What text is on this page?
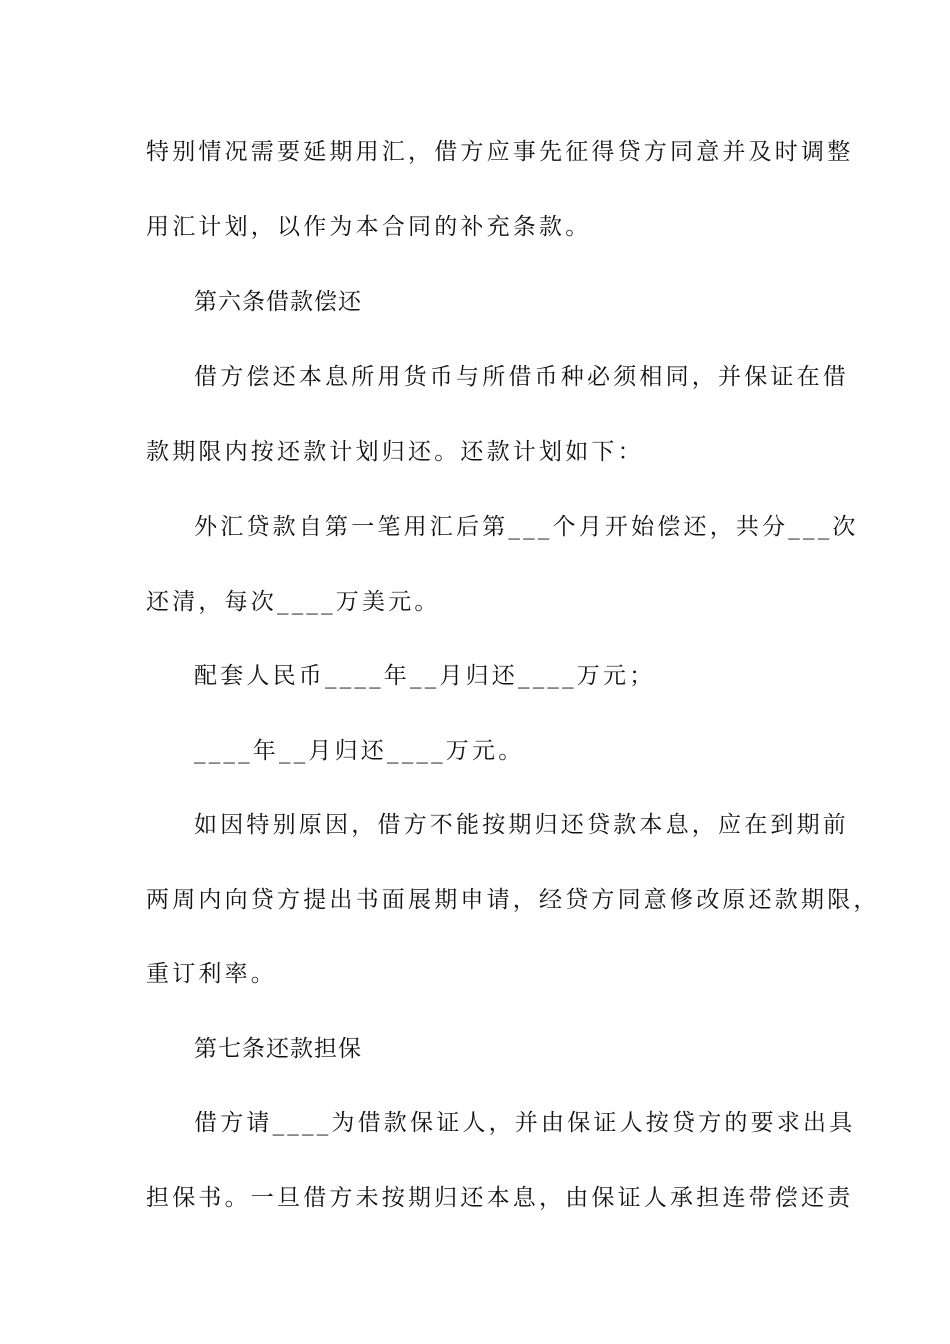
特别情况需要延期用汇，借方应事先征得贷方同意并及时调整
用汇计划，以作为本合同的补充条款。
第六条借款偿还
借方偿还本息所用货币与所借币种必须相同，并保证在借
款期限内按还款计划归还。还款计划如下：
外汇贷款自第一笔用汇后第___个月开始偿还，共分___次
还清，每次____万美元。
配套人民币____年__月归还____万元；
____年__月归还____万元。
如因特别原因，借方不能按期归还贷款本息，应在到期前
两周内向贷方提出书面展期申请，经贷方同意修改原还款期限，
重订利率。
第七条还款担保
借方请____为借款保证人，并由保证人按贷方的要求出具
担保书。一旦借方未按期归还本息，由保证人承担连带偿还责
